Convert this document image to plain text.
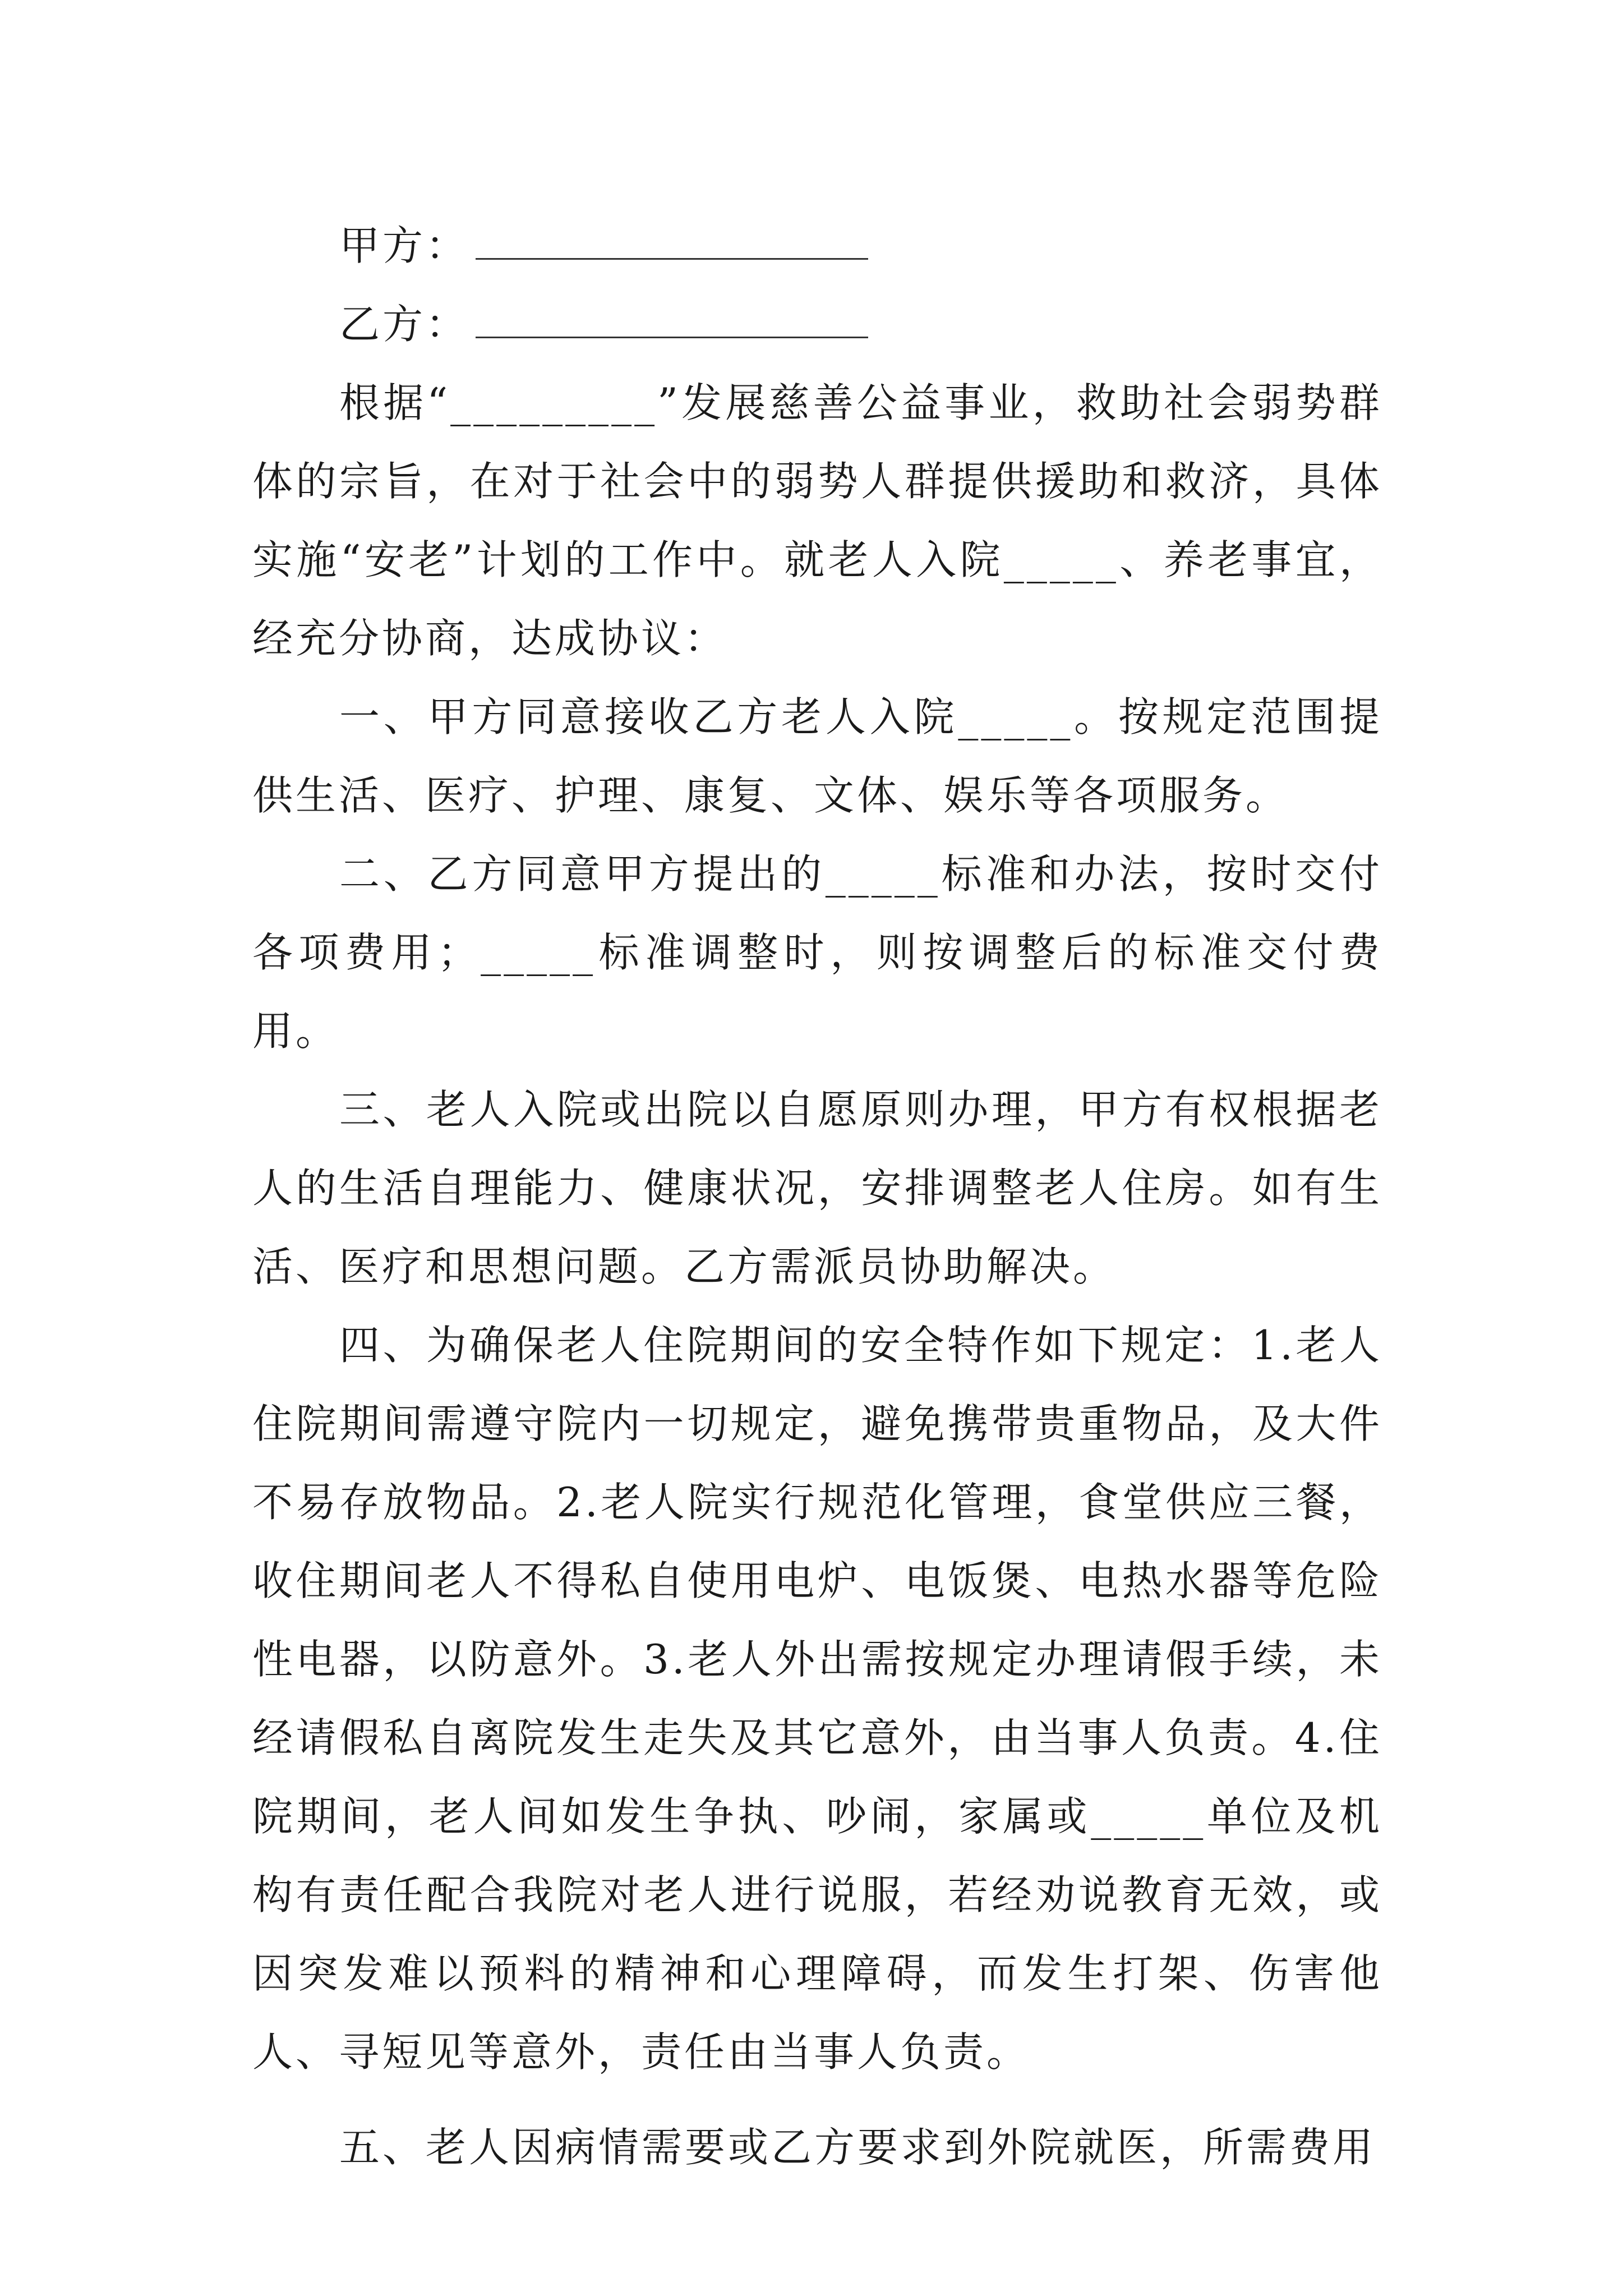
甲方：
乙方：

根据“_________”发展慈善公益事业，救助社会弱势群体的宗旨，在对于社会中的弱势人群提供援助和救济，具体实施“安老”计划的工作中。就老人入院_____、养老事宜，经充分协商，达成协议：

一、甲方同意接收乙方老人入院_____。按规定范围提供生活、医疗、护理、康复、文体、娱乐等各项服务。

二、乙方同意甲方提出的_____标准和办法，按时交付各项费用；_____标准调整时，则按调整后的标准交付费用。

三、老人入院或出院以自愿原则办理，甲方有权根据老人的生活自理能力、健康状况，安排调整老人住房。如有生活、医疗和思想问题。乙方需派员协助解决。

四、为确保老人住院期间的安全特作如下规定：1.老人住院期间需遵守院内一切规定，避免携带贵重物品，及大件不易存放物品。2.老人院实行规范化管理，食堂供应三餐，收住期间老人不得私自使用电炉、电饭煲、电热水器等危险性电器，以防意外。3.老人外出需按规定办理请假手续，未经请假私自离院发生走失及其它意外，由当事人负责。4.住院期间，老人间如发生争执、吵闹，家属或_____单位及机构有责任配合我院对老人进行说服，若经劝说教育无效，或因突发难以预料的精神和心理障碍，而发生打架、伤害他人、寻短见等意外，责任由当事人负责。

五、老人因病情需要或乙方要求到外院就医，所需费用
